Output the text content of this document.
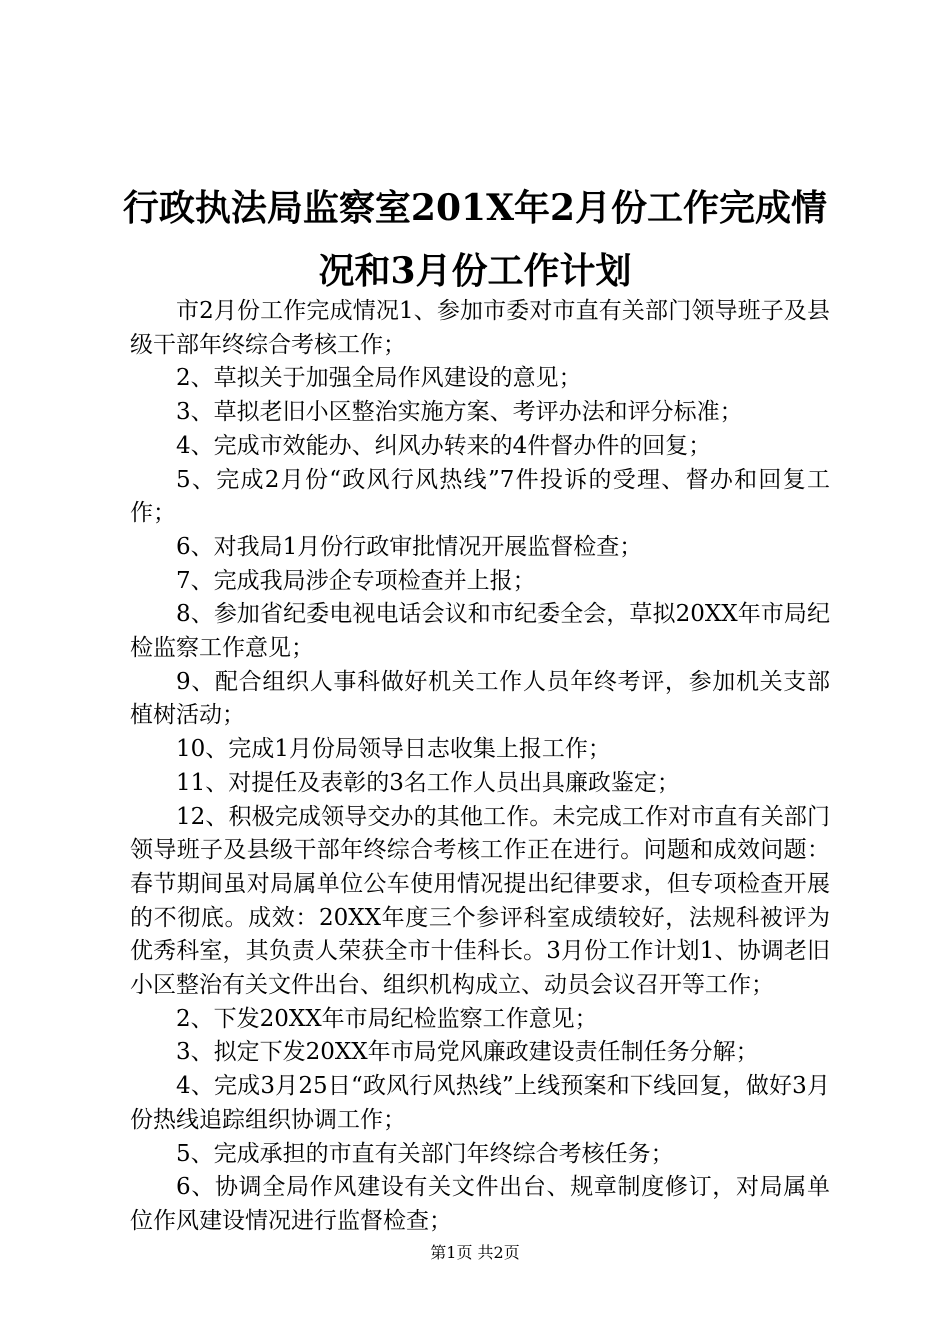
行政执法局监察室201X年2月份工作完成情
况和3月份工作计划

市2月份工作完成情况1、参加市委对市直有关部门领导班子及县级干部年终综合考核工作；

2、草拟关于加强全局作风建设的意见；

3、草拟老旧小区整治实施方案、考评办法和评分标准；

4、完成市效能办、纠风办转来的4件督办件的回复；

5、完成2月份“政风行风热线”7件投诉的受理、督办和回复工作；

6、对我局1月份行政审批情况开展监督检查；

7、完成我局涉企专项检查并上报；

8、参加省纪委电视电话会议和市纪委全会，草拟20XX年市局纪检监察工作意见；

9、配合组织人事科做好机关工作人员年终考评，参加机关支部植树活动；

10、完成1月份局领导日志收集上报工作；

11、对提任及表彰的3名工作人员出具廉政鉴定；

12、积极完成领导交办的其他工作。未完成工作对市直有关部门领导班子及县级干部年终综合考核工作正在进行。问题和成效问题：春节期间虽对局属单位公车使用情况提出纪律要求，但专项检查开展的不彻底。成效：20XX年度三个参评科室成绩较好，法规科被评为优秀科室，其负责人荣获全市十佳科长。3月份工作计划1、协调老旧小区整治有关文件出台、组织机构成立、动员会议召开等工作；

2、下发20XX年市局纪检监察工作意见；

3、拟定下发20XX年市局党风廉政建设责任制任务分解；

4、完成3月25日“政风行风热线”上线预案和下线回复，做好3月份热线追踪组织协调工作；

5、完成承担的市直有关部门年终综合考核任务；

6、协调全局作风建设有关文件出台、规章制度修订，对局属单位作风建设情况进行监督检查；

第1页 共2页
